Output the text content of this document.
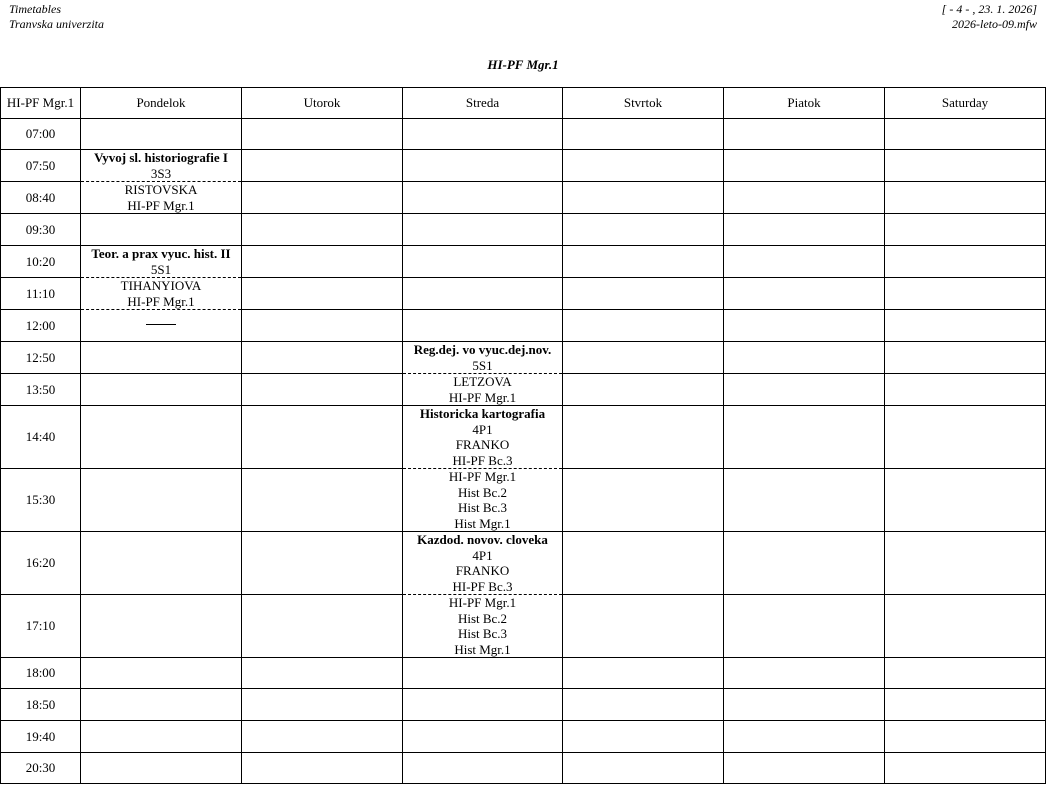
Timetables
Tranvska univerzita
[ - 4 - , 23. 1. 2026]
2026-leto-09.mfw
HI-PF Mgr.1
HI-PF Mgr.1	Pondelok	Utorok	Streda	Stvrtok	Piatok	Saturday
07:00						
07:50	Vyvoj sl. historiografie I
3S3					

08:40	RISTOVSKA
HI-PF Mgr.1					

09:30						
10:20	Teor. a prax vyuc. hist. II
5S1					

11:10	TIHANYIOVA
HI-PF Mgr.1					

12:00						
12:50			Reg.dej. vo vyuc.dej.nov.
5S1			

13:50			LETZOVA
HI-PF Mgr.1			

14:40			Historicka kartografia
4P1
FRANKO
HI-PF Bc.3			

15:30			HI-PF Mgr.1
Hist Bc.2
Hist Bc.3
Hist Mgr.1			

16:20			Kazdod. novov. cloveka
4P1
FRANKO
HI-PF Bc.3			

17:10			HI-PF Mgr.1
Hist Bc.2
Hist Bc.3
Hist Mgr.1			

18:00						
18:50						
19:40						
20:30						
